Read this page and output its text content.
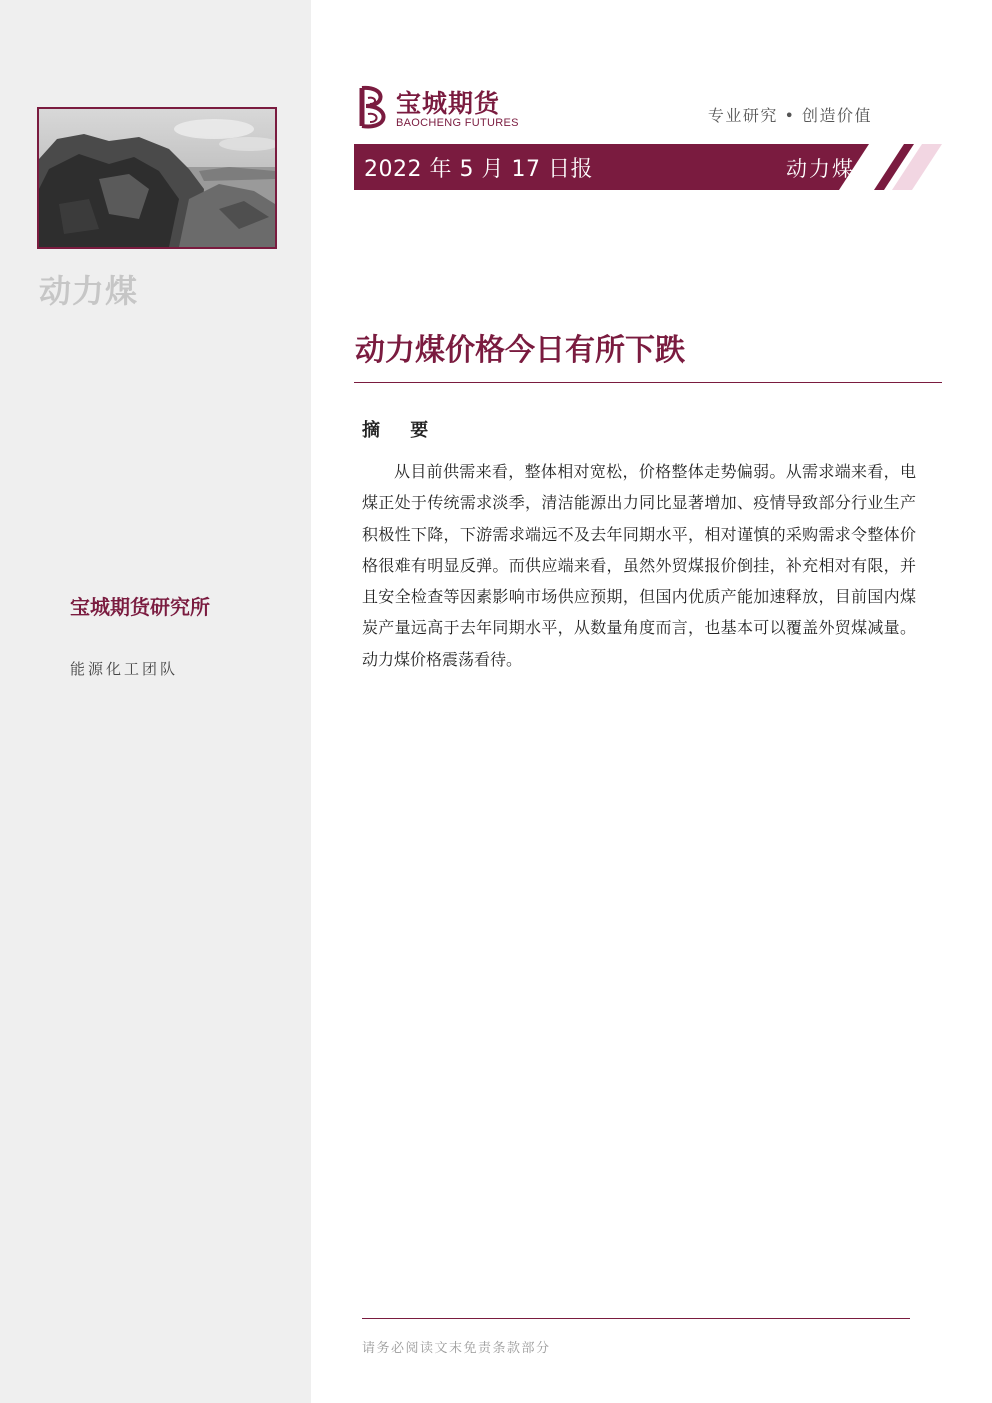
动力煤
宝城期货研究所
能源化工团队
宝城期货
BAOCHENG FUTURES	专业研究 • 创造价值
2022 年 5 月 17 日报	动力煤
动力煤价格今日有所下跌
摘 要
从目前供需来看，整体相对宽松，价格整体走势偏弱。从需求端来看，电煤正处于传统需求淡季，清洁能源出力同比显著增加、疫情导致部分行业生产积极性下降，下游需求端远不及去年同期水平，相对谨慎的采购需求令整体价格很难有明显反弹。而供应端来看，虽然外贸煤报价倒挂，补充相对有限，并且安全检查等因素影响市场供应预期，但国内优质产能加速释放，目前国内煤炭产量远高于去年同期水平，从数量角度而言，也基本可以覆盖外贸煤减量。动力煤价格震荡看待。
请务必阅读文末免责条款部分
